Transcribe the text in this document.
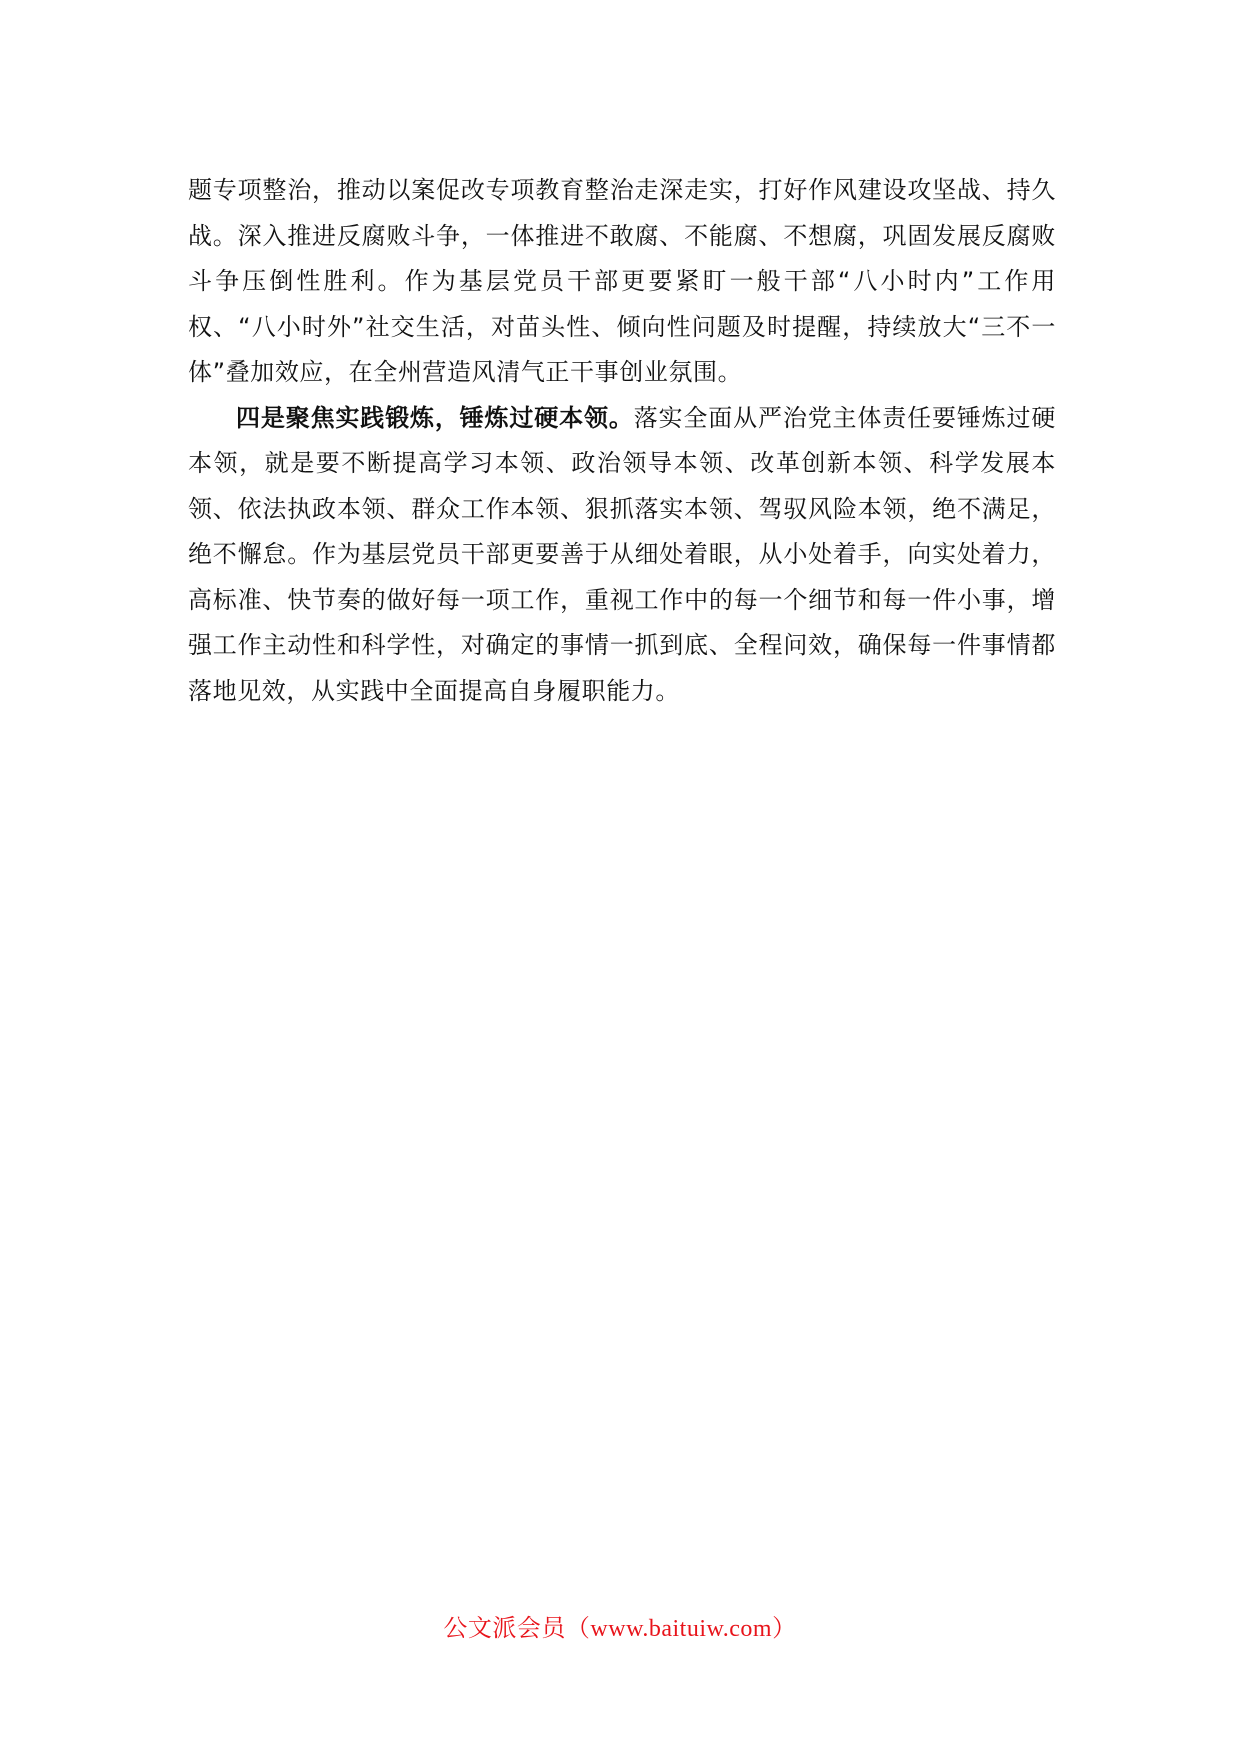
题专项整治，推动以案促改专项教育整治走深走实，打好作风建设攻坚战、持久战。深入推进反腐败斗争，一体推进不敢腐、不能腐、不想腐，巩固发展反腐败斗争压倒性胜利。作为基层党员干部更要紧盯一般干部“八小时内”工作用权、“八小时外”社交生活，对苗头性、倾向性问题及时提醒，持续放大“三不一体”叠加效应，在全州营造风清气正干事创业氛围。

四是聚焦实践锻炼，锤炼过硬本领。落实全面从严治党主体责任要锤炼过硬本领，就是要不断提高学习本领、政治领导本领、改革创新本领、科学发展本领、依法执政本领、群众工作本领、狠抓落实本领、驾驭风险本领，绝不满足，绝不懈怠。作为基层党员干部更要善于从细处着眼，从小处着手，向实处着力，高标准、快节奏的做好每一项工作，重视工作中的每一个细节和每一件小事，增强工作主动性和科学性，对确定的事情一抓到底、全程问效，确保每一件事情都落地见效，从实践中全面提高自身履职能力。

公文派会员（www.baituiw.com）
